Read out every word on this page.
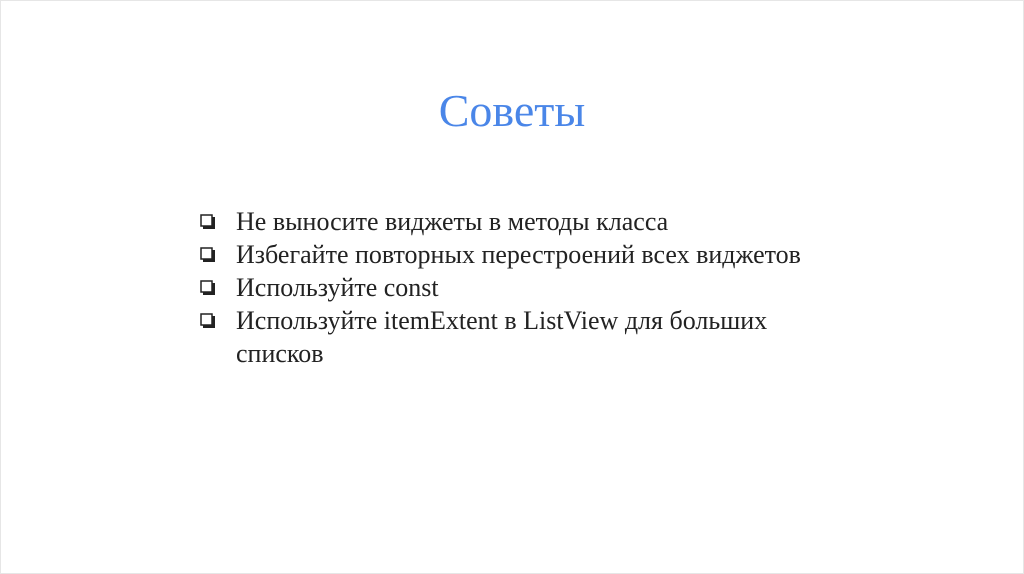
Советы
Не выносите виджеты в методы класса
Избегайте повторных перестроений всех виджетов
Используйте const
Используйте itemExtent в ListView для больших списков
